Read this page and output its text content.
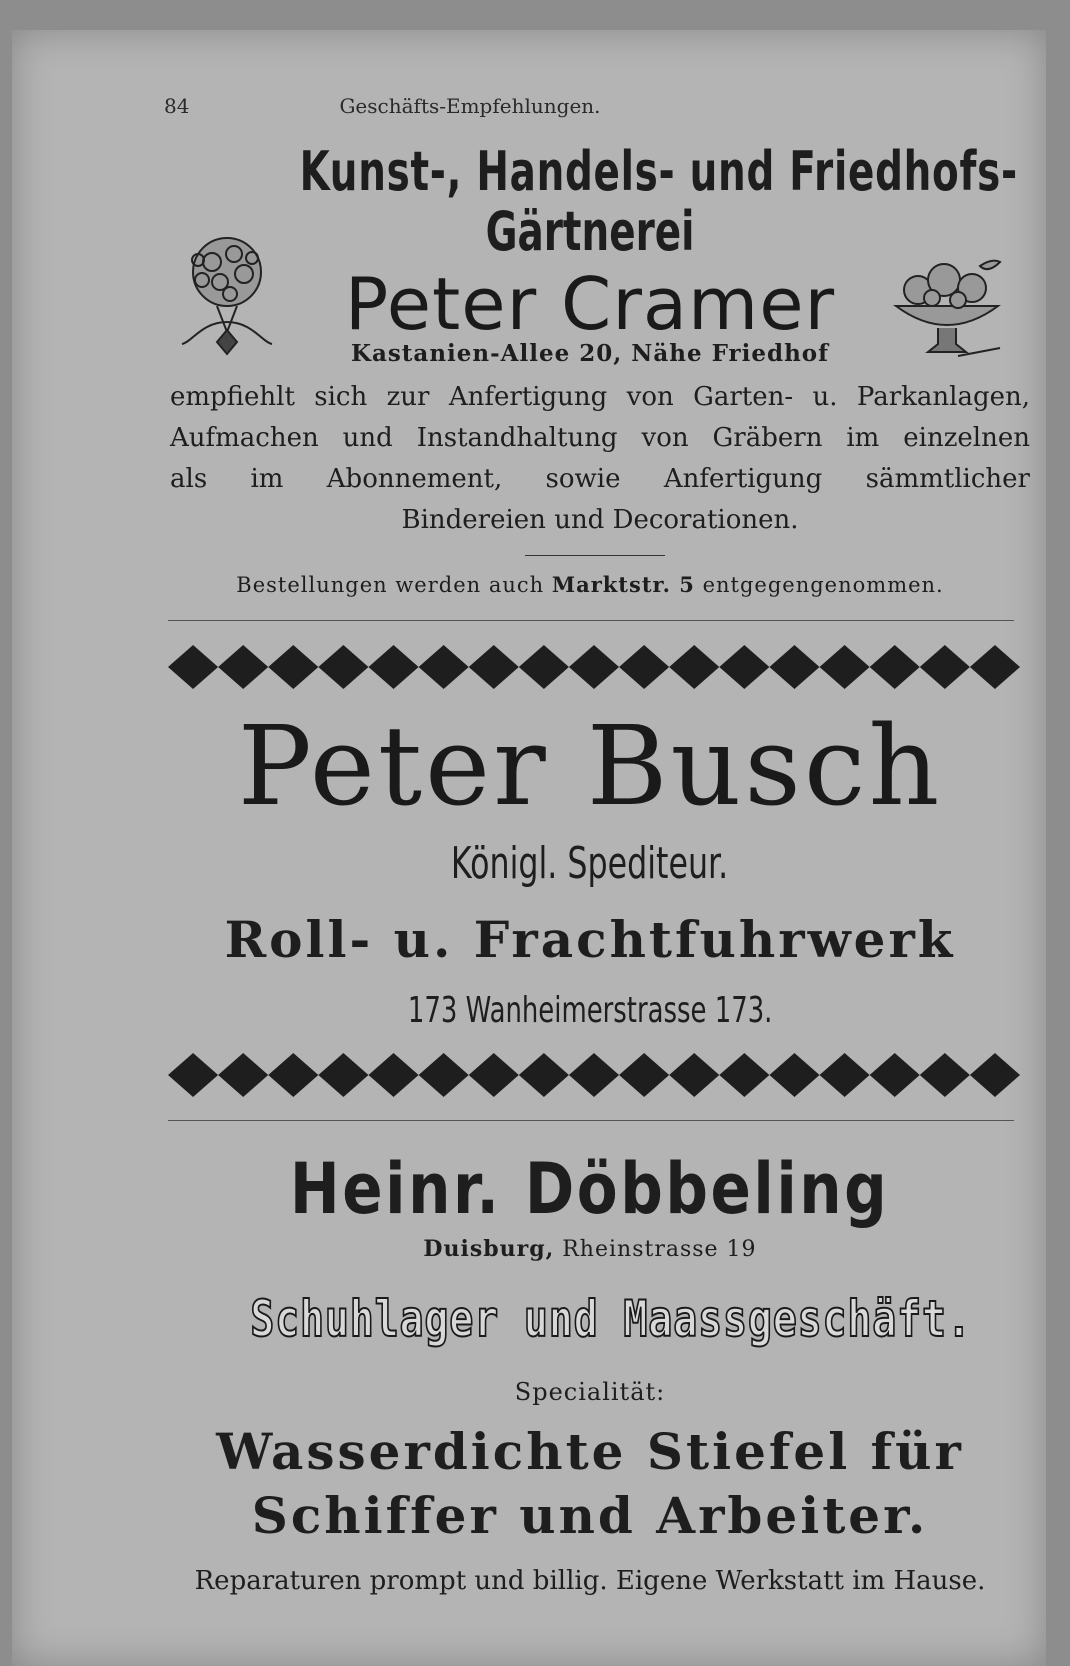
84	Geschäfts-Empfehlungen.
Kunst-, Handels- und Friedhofs-
Gärtnerei
Peter Cramer
Kastanien-Allee 20, Nähe Friedhof
empfiehlt sich zur Anfertigung von Garten- u. Parkanlagen,
Aufmachen und Instandhaltung von Gräbern im einzelnen
als im Abonnement, sowie Anfertigung sämmtlicher
Bindereien und Decorationen.
Bestellungen werden auch Marktstr. 5 entgegengenommen.
Peter Busch
Königl. Spediteur.
Roll- u. Frachtfuhrwerk
173 Wanheimerstrasse 173.
Heinr. Döbbeling
Duisburg, Rheinstrasse 19
Schuhlager und Maassgeschäft.
Specialität:
Wasserdichte Stiefel für
Schiffer und Arbeiter.
Reparaturen prompt und billig. Eigene Werkstatt im Hause.
